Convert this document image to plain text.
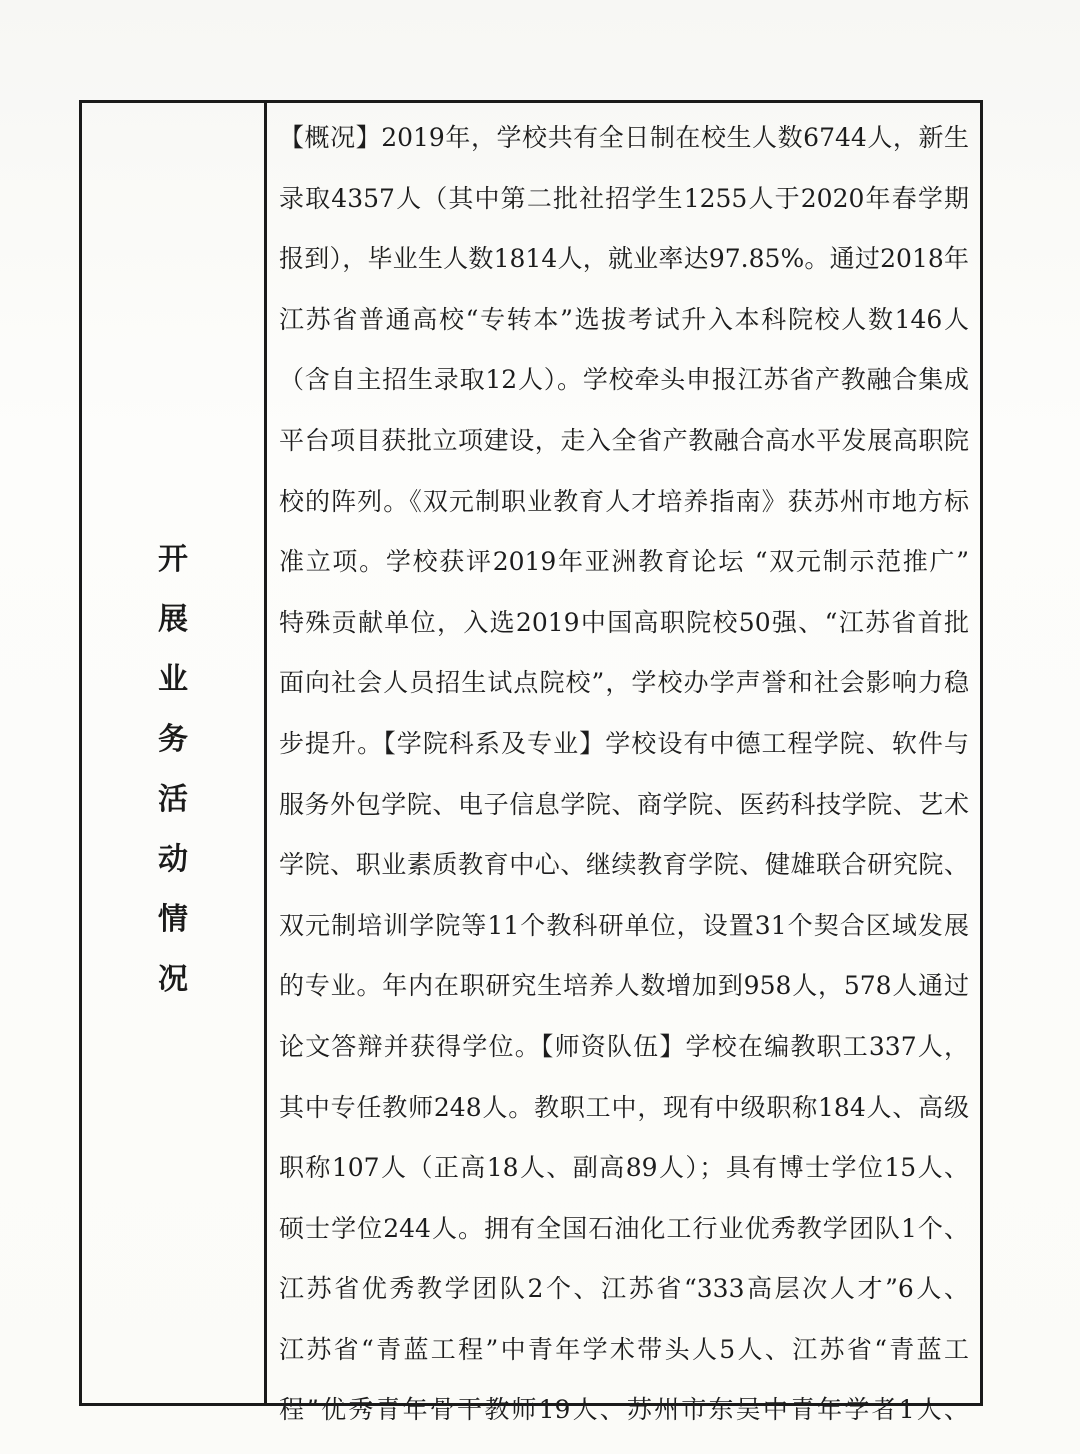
开
展
业
务
活
动
情
况
【概况】2019年，学校共有全日制在校生人数6744人，新生
录取4357人（其中第二批社招学生1255人于2020年春学期
报到），毕业生人数1814人，就业率达97.85%。通过2018年
江苏省普通高校“专转本”选拔考试升入本科院校人数146人
（含自主招生录取12人）。学校牵头申报江苏省产教融合集成
平台项目获批立项建设，走入全省产教融合高水平发展高职院
校的阵列。《双元制职业教育人才培养指南》获苏州市地方标
准立项。学校获评2019年亚洲教育论坛 “双元制示范推广”
特殊贡献单位，入选2019中国高职院校50强、“江苏省首批
面向社会人员招生试点院校”，学校办学声誉和社会影响力稳
步提升。【学院科系及专业】学校设有中德工程学院、软件与
服务外包学院、电子信息学院、商学院、医药科技学院、艺术
学院、职业素质教育中心、继续教育学院、健雄联合研究院、
双元制培训学院等11个教科研单位，设置31个契合区域发展
的专业。年内在职研究生培养人数增加到958人，578人通过
论文答辩并获得学位。【师资队伍】学校在编教职工337人，
其中专任教师248人。教职工中，现有中级职称184人、高级
职称107人（正高18人、副高89人）；具有博士学位15人、
硕士学位244人。拥有全国石油化工行业优秀教学团队1个、
江苏省优秀教学团队2个、江苏省“333高层次人才”6人、
江苏省“青蓝工程”中青年学术带头人5人、江苏省“青蓝工
程”优秀青年骨干教师19人、苏州市东吴中青年学者1人、
